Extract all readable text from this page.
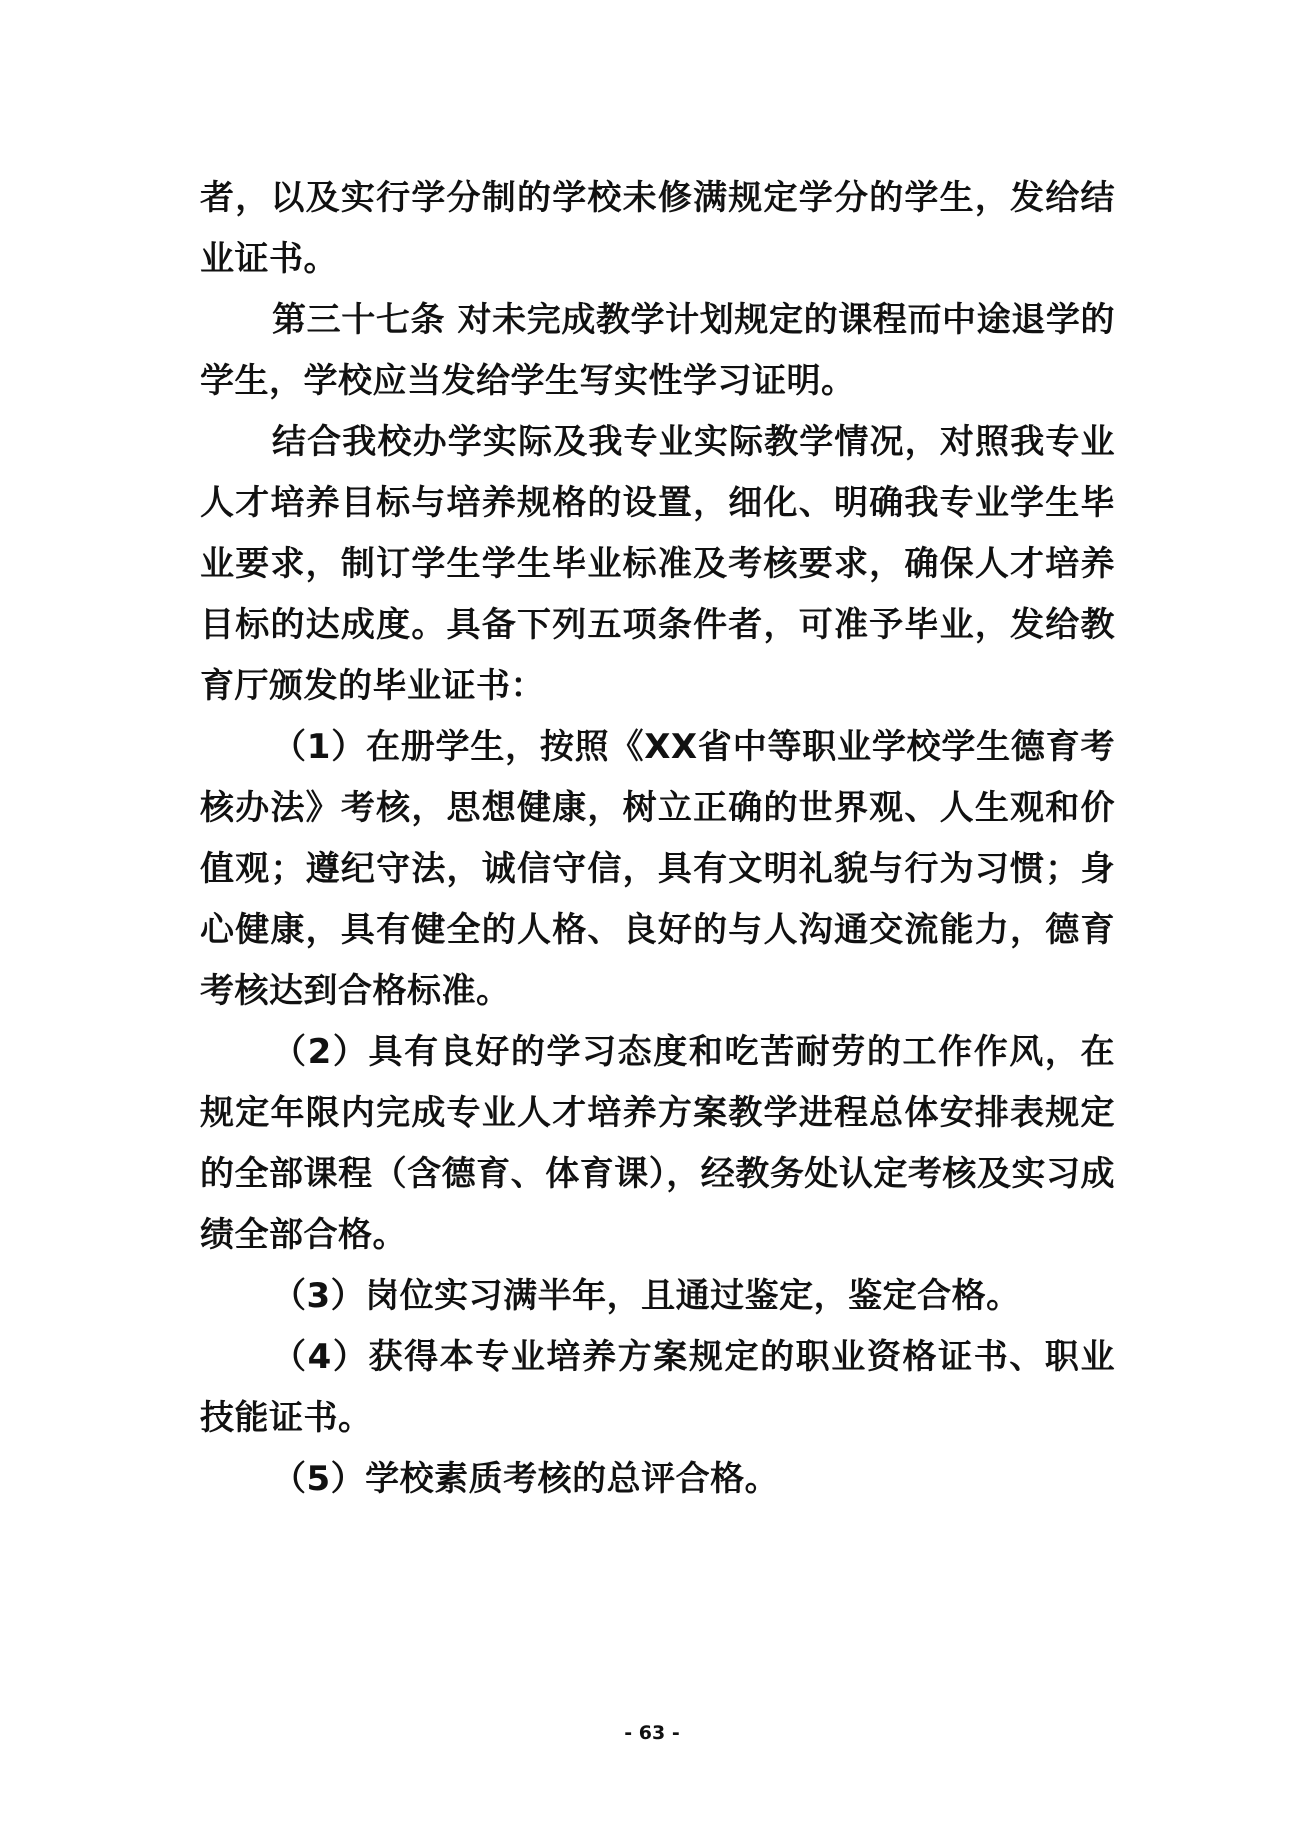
者，以及实行学分制的学校未修满规定学分的学生，发给结业证书。

第三十七条 对未完成教学计划规定的课程而中途退学的学生，学校应当发给学生写实性学习证明。

结合我校办学实际及我专业实际教学情况，对照我专业人才培养目标与培养规格的设置，细化、明确我专业学生毕业要求，制订学生学生毕业标准及考核要求，确保人才培养目标的达成度。具备下列五项条件者，可准予毕业，发给教育厅颁发的毕业证书：

（1）在册学生，按照《XX省中等职业学校学生德育考核办法》考核，思想健康，树立正确的世界观、人生观和价值观；遵纪守法，诚信守信，具有文明礼貌与行为习惯；身心健康，具有健全的人格、良好的与人沟通交流能力，德育考核达到合格标准。

（2）具有良好的学习态度和吃苦耐劳的工作作风，在规定年限内完成专业人才培养方案教学进程总体安排表规定的全部课程（含德育、体育课），经教务处认定考核及实习成绩全部合格。

（3）岗位实习满半年，且通过鉴定，鉴定合格。

（4）获得本专业培养方案规定的职业资格证书、职业技能证书。

（5）学校素质考核的总评合格。

- 63 -
